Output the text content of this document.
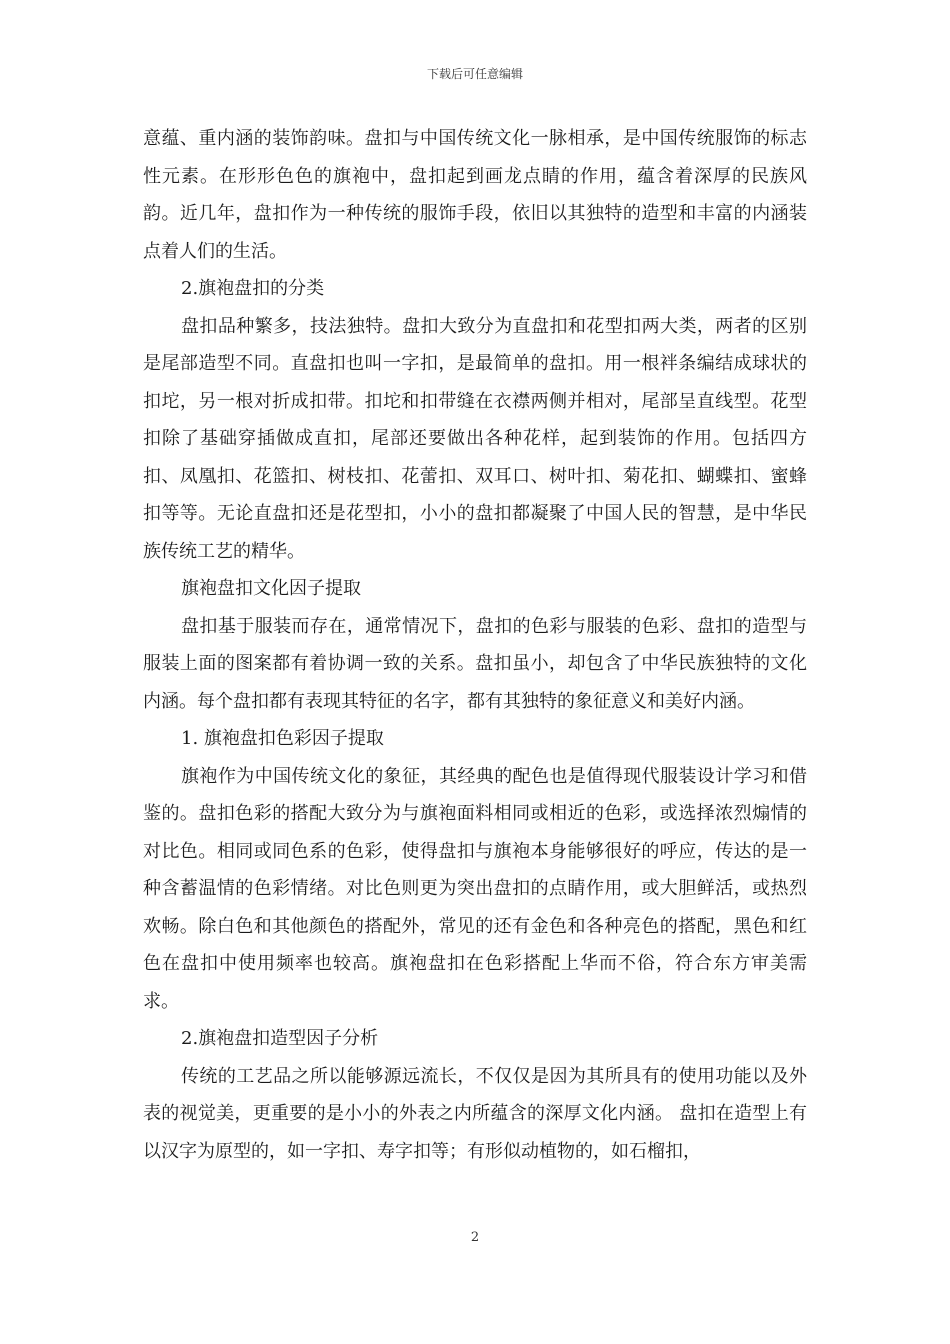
下载后可任意编辑

意蕴、重内涵的装饰韵味。盘扣与中国传统文化一脉相承，是中国传统服饰的标志性元素。在形形色色的旗袍中，盘扣起到画龙点睛的作用，蕴含着深厚的民族风韵。近几年，盘扣作为一种传统的服饰手段，依旧以其独特的造型和丰富的内涵装点着人们的生活。

2.旗袍盘扣的分类

盘扣品种繁多，技法独特。盘扣大致分为直盘扣和花型扣两大类，两者的区别是尾部造型不同。直盘扣也叫一字扣，是最简单的盘扣。用一根袢条编结成球状的扣坨，另一根对折成扣带。扣坨和扣带缝在衣襟两侧并相对，尾部呈直线型。花型扣除了基础穿插做成直扣，尾部还要做出各种花样，起到装饰的作用。包括四方扣、凤凰扣、花篮扣、树枝扣、花蕾扣、双耳口、树叶扣、菊花扣、蝴蝶扣、蜜蜂扣等等。无论直盘扣还是花型扣，小小的盘扣都凝聚了中国人民的智慧，是中华民族传统工艺的精华。

旗袍盘扣文化因子提取

盘扣基于服装而存在，通常情况下，盘扣的色彩与服装的色彩、盘扣的造型与服装上面的图案都有着协调一致的关系。盘扣虽小，却包含了中华民族独特的文化内涵。每个盘扣都有表现其特征的名字，都有其独特的象征意义和美好内涵。

1. 旗袍盘扣色彩因子提取

旗袍作为中国传统文化的象征，其经典的配色也是值得现代服装设计学习和借鉴的。盘扣色彩的搭配大致分为与旗袍面料相同或相近的色彩，或选择浓烈煽情的对比色。相同或同色系的色彩，使得盘扣与旗袍本身能够很好的呼应，传达的是一种含蓄温情的色彩情绪。对比色则更为突出盘扣的点睛作用，或大胆鲜活，或热烈欢畅。除白色和其他颜色的搭配外，常见的还有金色和各种亮色的搭配，黑色和红色在盘扣中使用频率也较高。旗袍盘扣在色彩搭配上华而不俗，符合东方审美需求。

2.旗袍盘扣造型因子分析

传统的工艺品之所以能够源远流长，不仅仅是因为其所具有的使用功能以及外表的视觉美，更重要的是小小的外表之内所蕴含的深厚文化内涵。 盘扣在造型上有以汉字为原型的，如一字扣、寿字扣等；有形似动植物的，如石榴扣，

2
